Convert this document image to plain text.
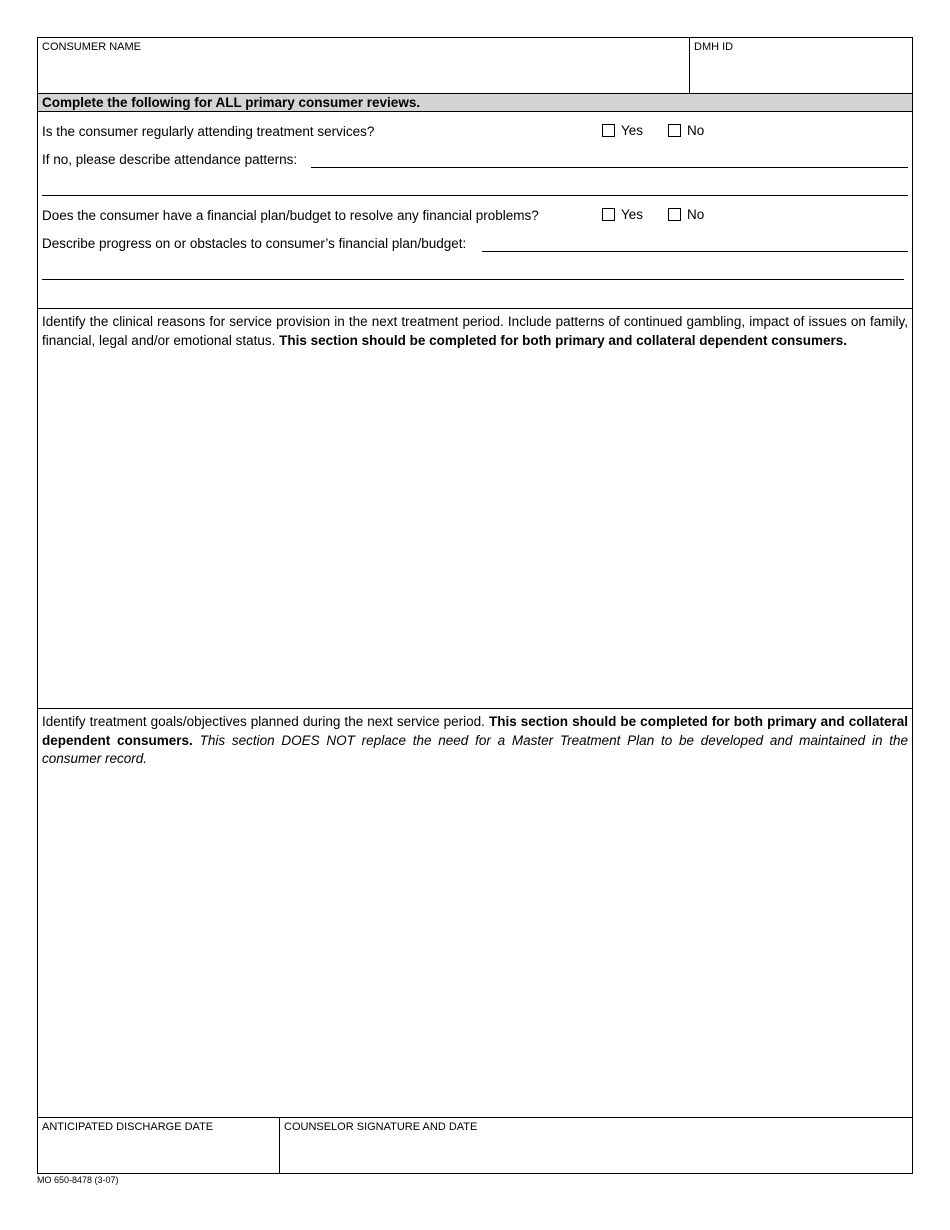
CONSUMER NAME	DMH ID
Complete the following for ALL primary consumer reviews.
Is the consumer regularly attending treatment services?	Yes	No
If no, please describe attendance patterns:
Does the consumer have a financial plan/budget to resolve any financial problems?	Yes	No
Describe progress on or obstacles to consumer’s financial plan/budget:
Identify the clinical reasons for service provision in the next treatment period. Include patterns of continued gambling, impact of issues on family, financial, legal and/or emotional status. This section should be completed for both primary and collateral dependent consumers.
Identify treatment goals/objectives planned during the next service period. This section should be completed for both primary and collateral dependent consumers. This section DOES NOT replace the need for a Master Treatment Plan to be developed and maintained in the consumer record.
ANTICIPATED DISCHARGE DATE	COUNSELOR SIGNATURE AND DATE
MO 650-8478 (3-07)
